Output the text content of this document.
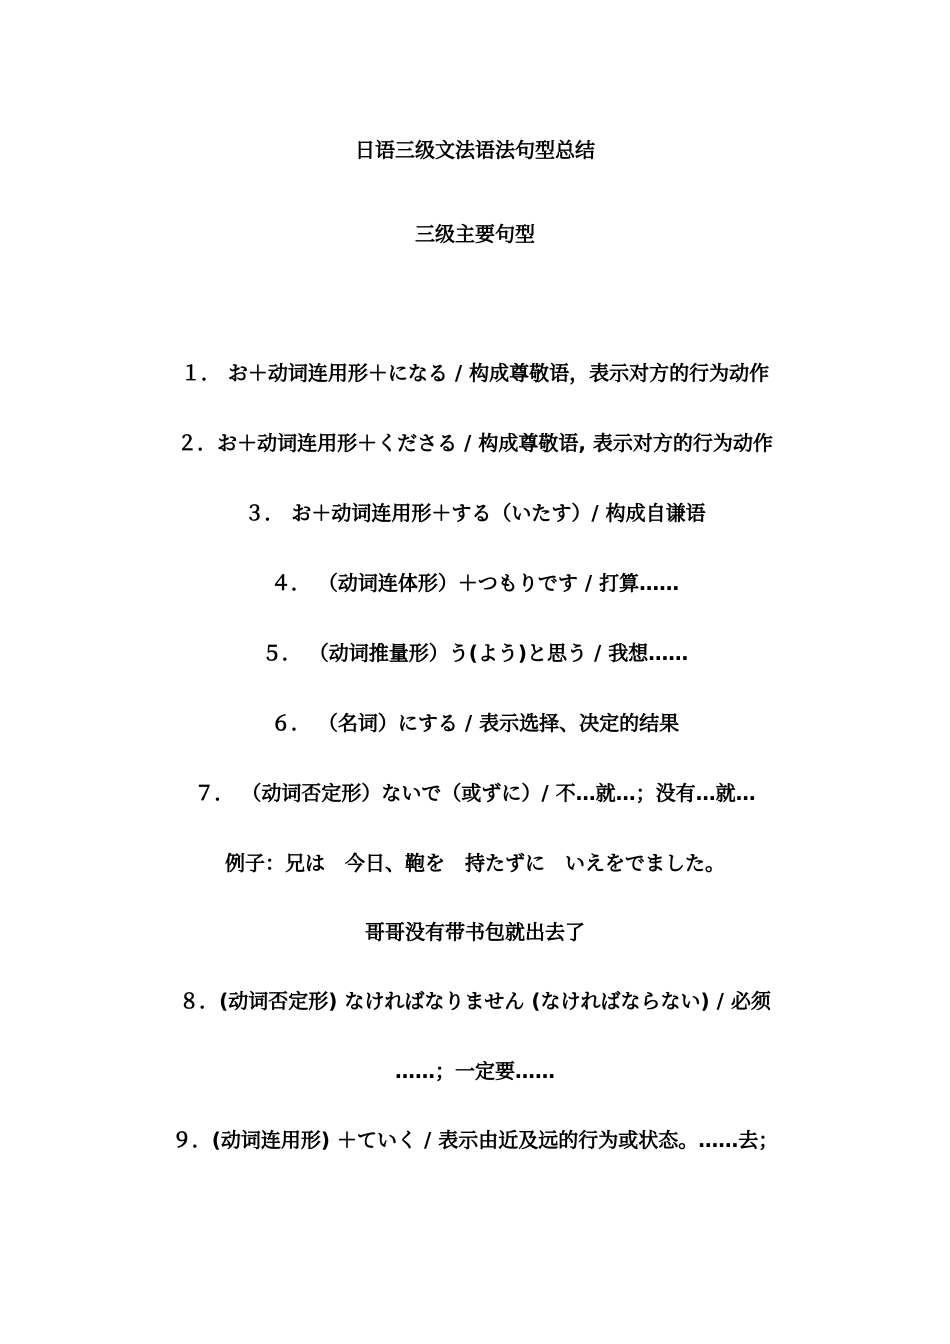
日语三级文法语法句型总结
三级主要句型
１． お＋动词连用形＋になる / 构成尊敬语，表示对方的行为动作
２．お＋动词连用形＋くださる / 构成尊敬语, 表示对方的行为动作
３． お＋动词连用形＋する（いたす）/ 构成自谦语
４． （动词连体形）＋つもりです / 打算……
５． （动词推量形）う(よう)と思う / 我想……
６． （名词）にする / 表示选择、决定的结果
７． （动词否定形）ないで（或ずに）/ 不…就…；没有…就…
例子：兄は　今日、鞄を　持たずに　いえをでました。
哥哥没有带书包就出去了
８．(动词否定形) なければなりません (なければならない) / 必须
……；一定要……
９．(动词连用形) ＋ていく / 表示由近及远的行为或状态。……去；
